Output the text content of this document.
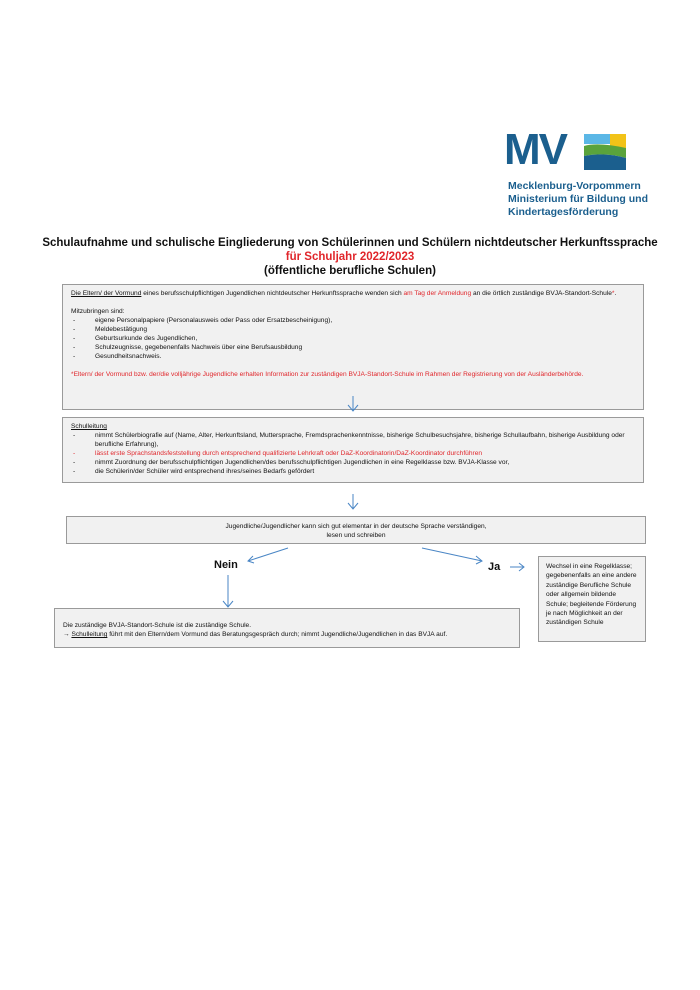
MV
Mecklenburg-Vorpommern
Ministerium für Bildung und
Kindertagesförderung
Schulaufnahme und schulische Eingliederung von Schülerinnen und Schülern nichtdeutscher Herkunftssprache
für Schuljahr 2022/2023
(öffentliche berufliche Schulen)
Die Eltern/ der Vormund eines berufsschulpflichtigen Jugendlichen nichtdeutscher Herkunftssprache wenden sich am Tag der Anmeldung an die örtlich zuständige BVJA-Standort-Schule*.
Mitzubringen sind:
- eigene Personalpapiere (Personalausweis oder Pass oder Ersatzbescheinigung),
- Meldebestätigung
- Geburtsurkunde des Jugendlichen,
- Schulzeugnisse, gegebenenfalls Nachweis über eine Berufsausbildung
- Gesundheitsnachweis.
*Eltern/ der Vormund bzw. der/die volljährige Jugendliche erhalten Information zur zuständigen BVJA-Standort-Schule im Rahmen der Registrierung von der Ausländerbehörde.
Schulleitung
- nimmt Schülerbiografie auf (Name, Alter, Herkunftsland, Muttersprache, Fremdsprachenkenntnisse, bisherige Schulbesuchsjahre, bisherige Schullaufbahn, bisherige Ausbildung oder berufliche Erfahrung),
- lässt erste Sprachstandsfeststellung durch entsprechend qualifizierte Lehrkraft oder DaZ-Koordinatorin/DaZ-Koordinator durchführen
- nimmt Zuordnung der berufsschulpflichtigen Jugendlichen/des berufsschulpflichtigen Jugendlichen in eine Regelklasse bzw. BVJA-Klasse vor,
- die Schülerin/der Schüler wird entsprechend ihres/seines Bedarfs gefördert
Jugendliche/Jugendlicher kann sich gut elementar in der deutsche Sprache verständigen,
lesen und schreiben
Nein	Ja	Wechsel in eine Regelklasse; gegebenenfalls an eine andere zuständige Berufliche Schule oder allgemein bildende Schule; begleitende Förderung je nach Möglichkeit an der zuständigen Schule
Die zuständige BVJA-Standort-Schule ist die zuständige Schule.
→ Schulleitung führt mit den Eltern/dem Vormund das Beratungsgespräch durch; nimmt Jugendliche/Jugendlichen in das BVJA auf.
